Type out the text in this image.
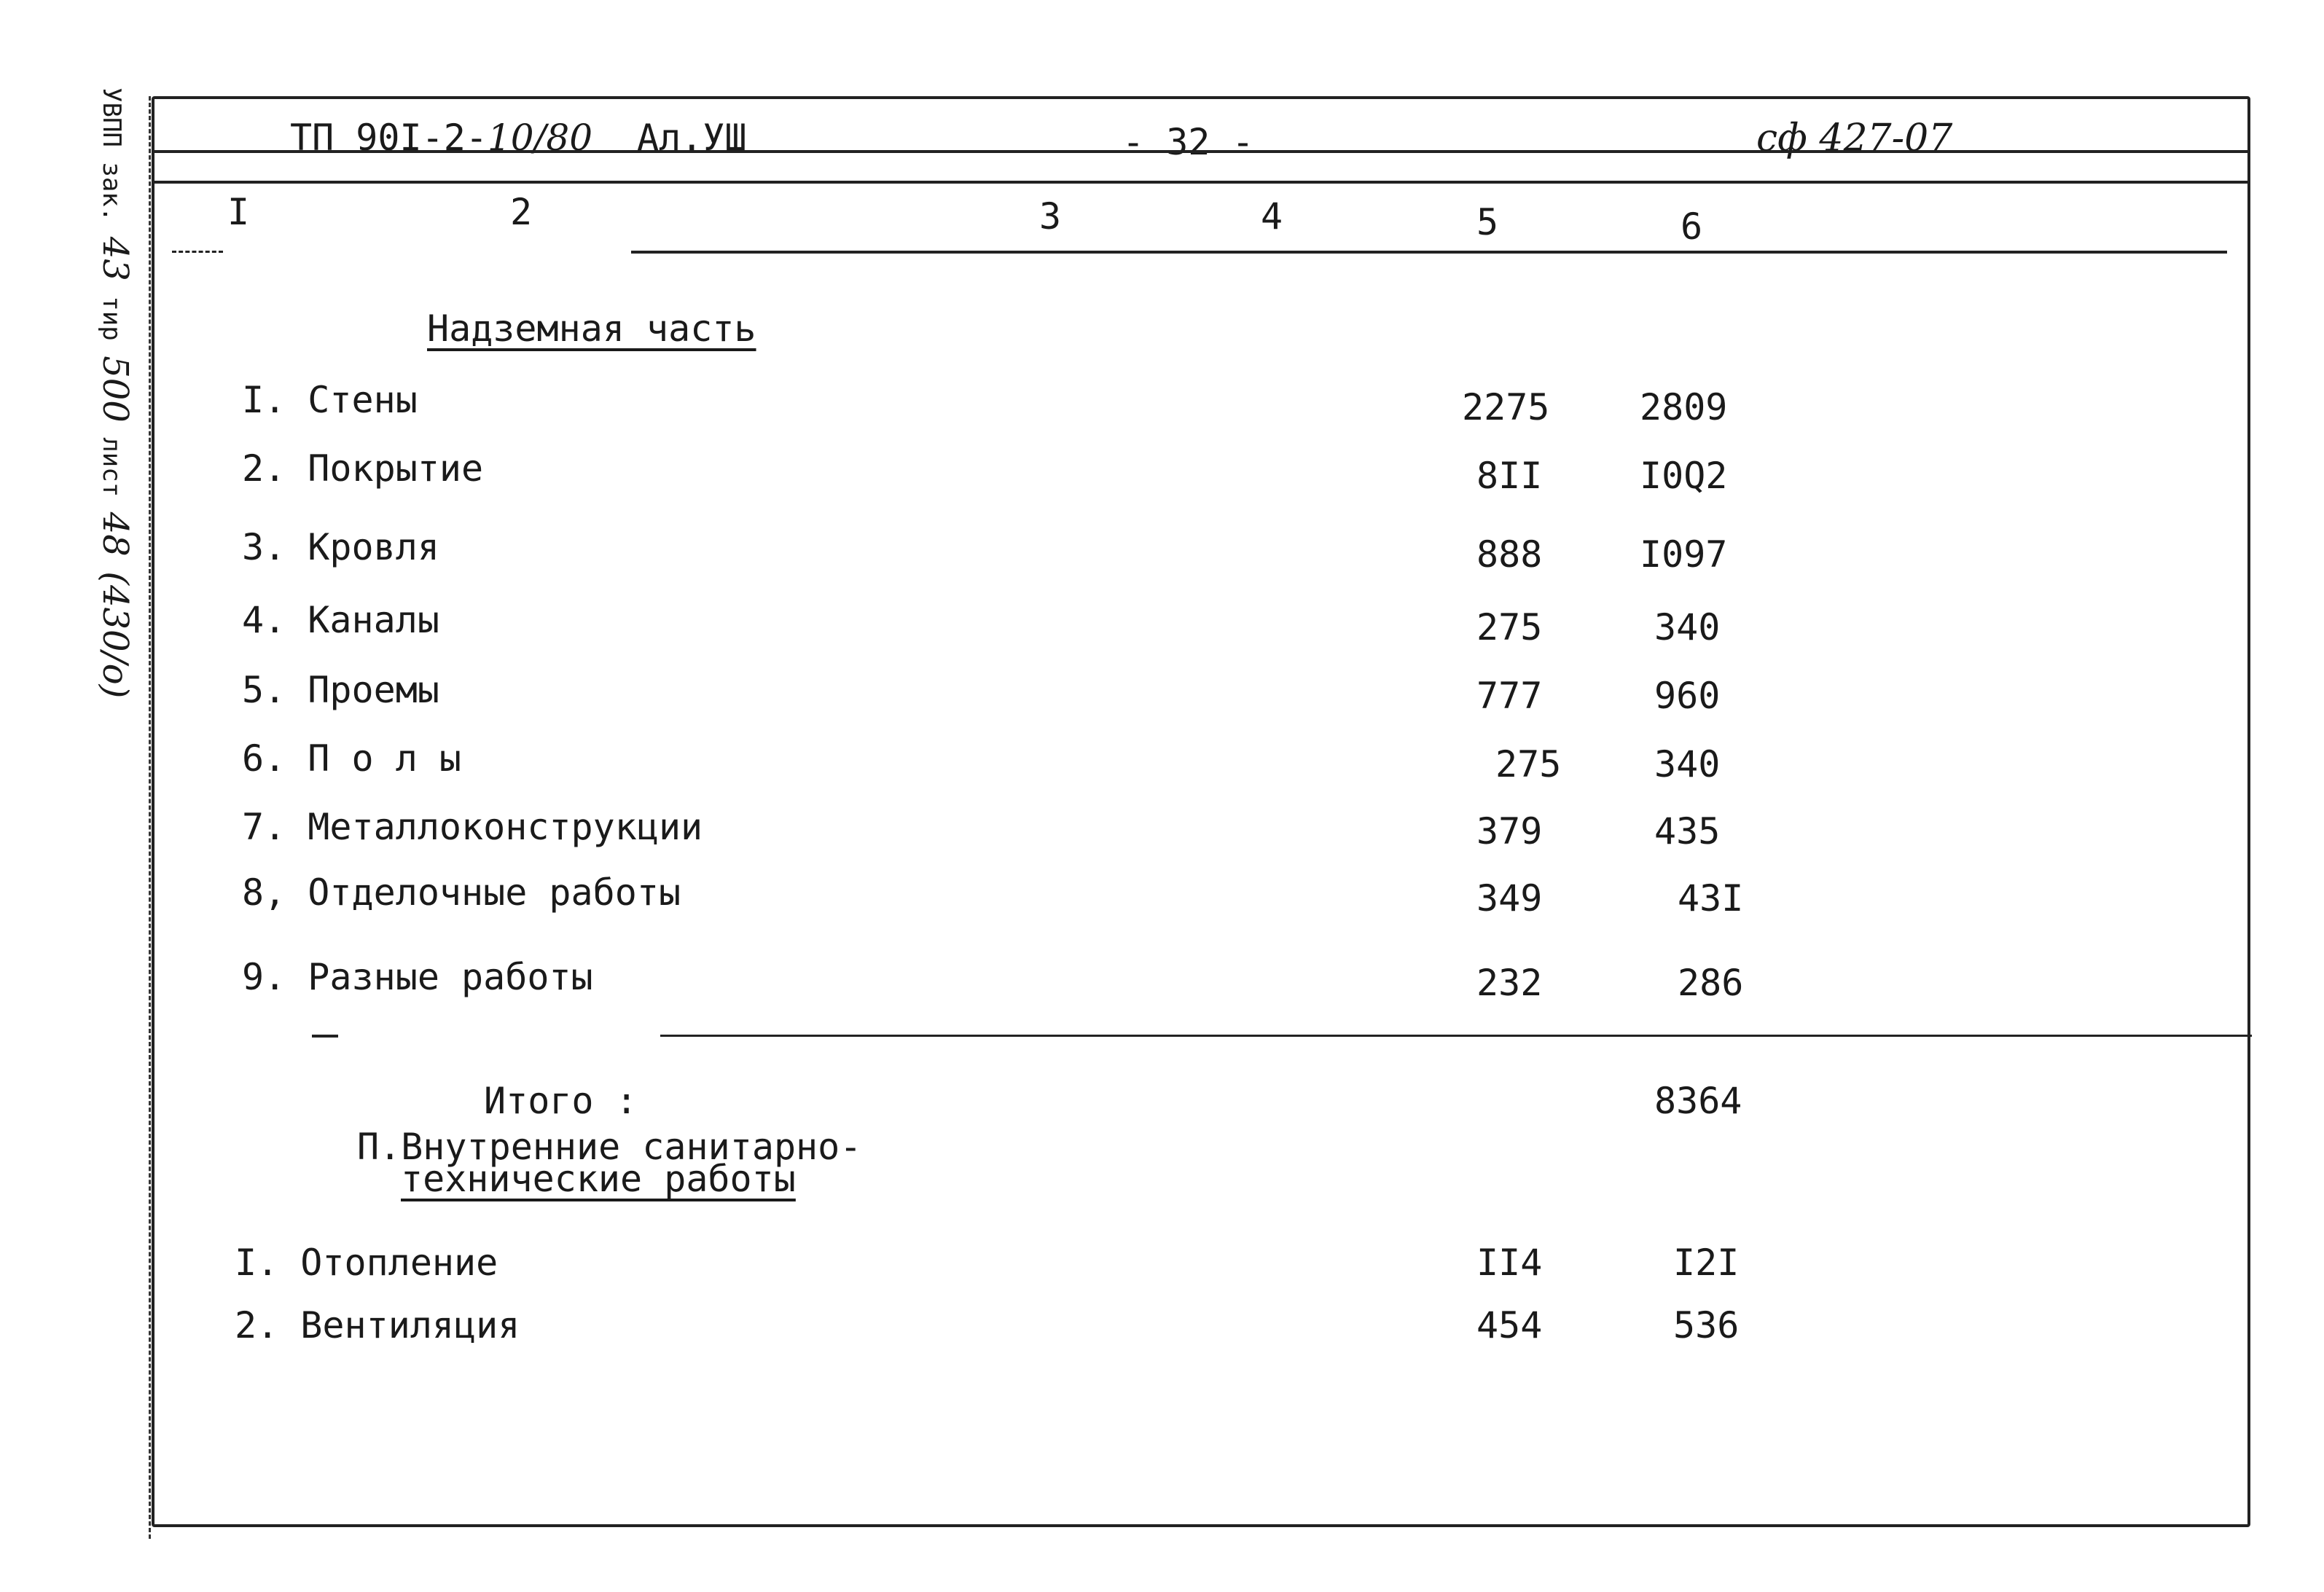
УВПП зак. 43 тир 500 лист 48 (430/о)
ТП 90I-2-10/80 Ал.УШ	- 32 -	сф 427-07
I	2	3	4	5	6
Надземная часть
I. Стены	2275 2809
2. Покрытие	8II	I0Q2
3. Кровля	888	I097
4. Каналы	275	340
5. Проемы	777	960
6. П о л ы	275	340
7. Металлоконструкции	379	435
8, Отделочные работы	349	43I
9. Разные работы	232	286
Итого :	8364
П.Внутренние санитарно-
технические работы
I. Отопление	II4	I2I
2. Вентиляция	454	536
